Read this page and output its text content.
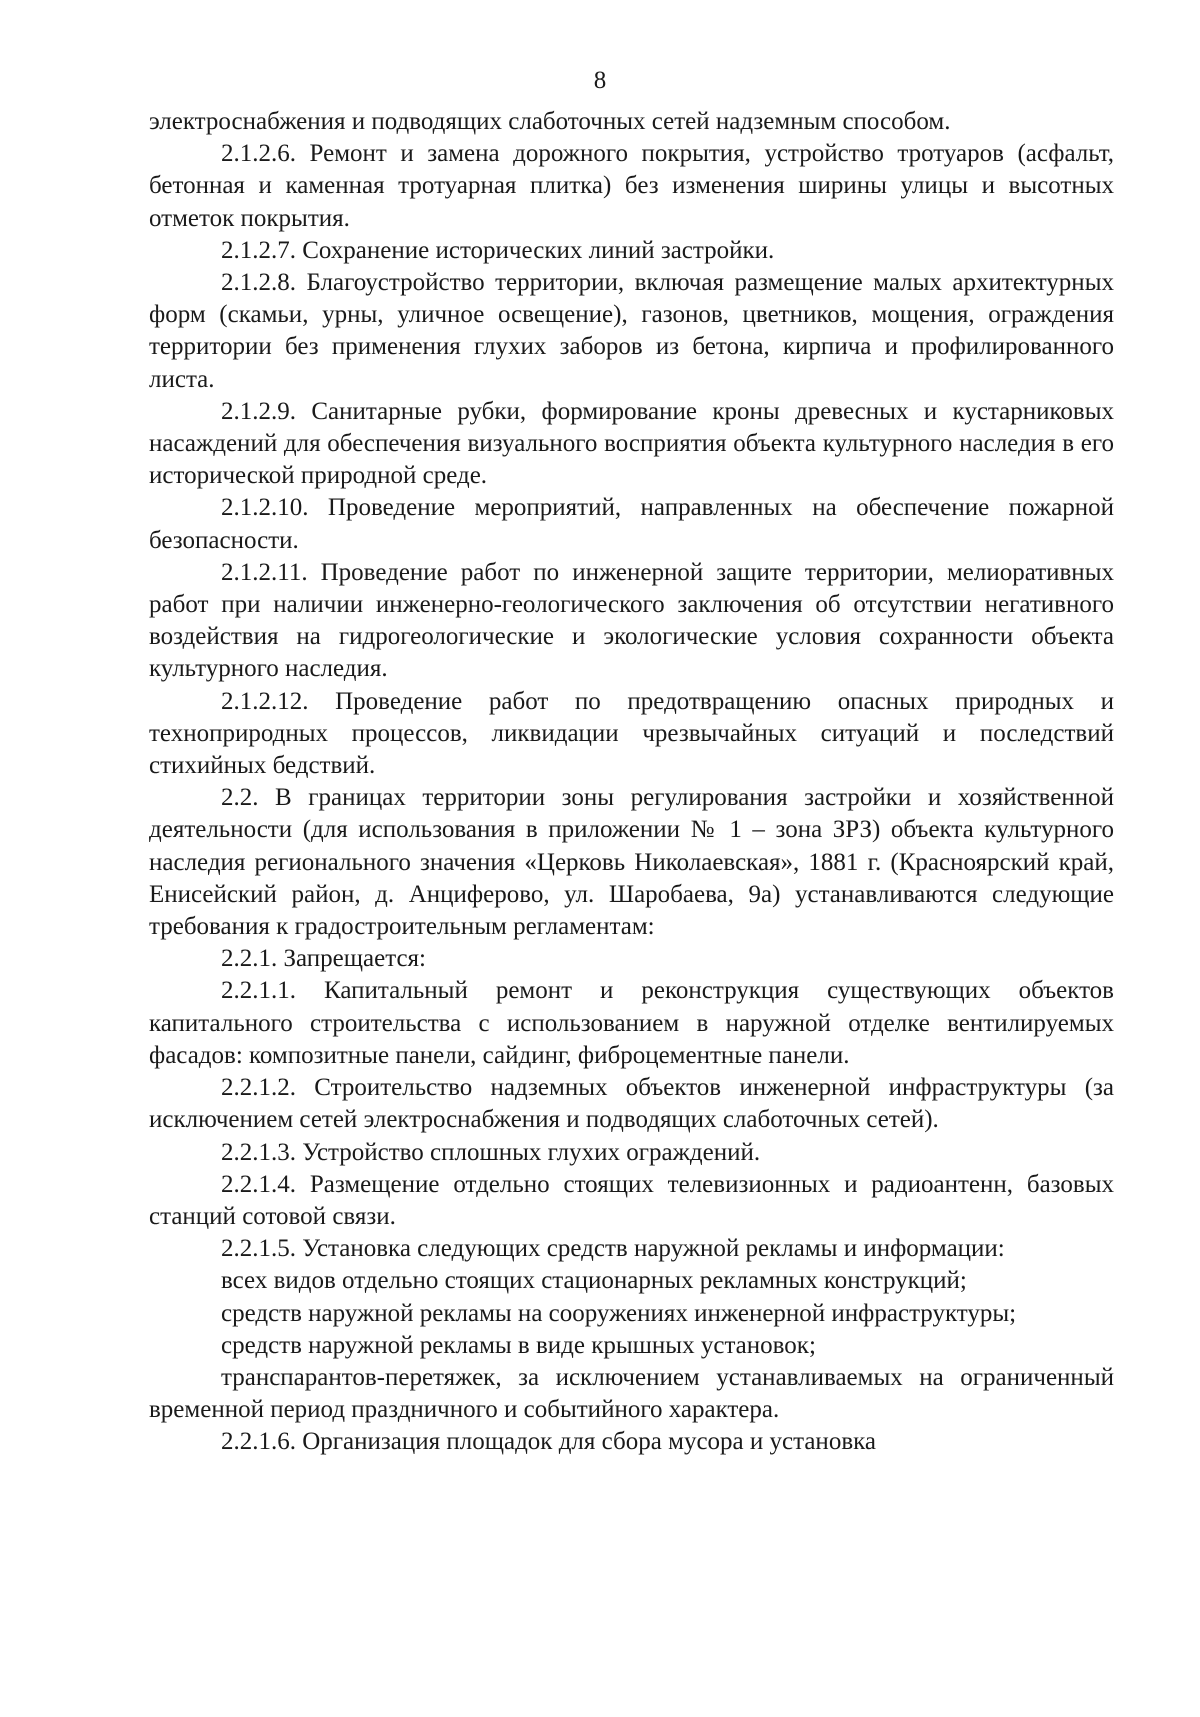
8

электроснабжения и подводящих слаботочных сетей надземным способом.

2.1.2.6. Ремонт и замена дорожного покрытия, устройство тротуаров (асфальт, бетонная и каменная тротуарная плитка) без изменения ширины улицы и высотных отметок покрытия.

2.1.2.7. Сохранение исторических линий застройки.

2.1.2.8. Благоустройство территории, включая размещение малых архитектурных форм (скамьи, урны, уличное освещение), газонов, цветников, мощения, ограждения территории без применения глухих заборов из бетона, кирпича и профилированного листа.

2.1.2.9. Санитарные рубки, формирование кроны древесных и кустарниковых насаждений для обеспечения визуального восприятия объекта культурного наследия в его исторической природной среде.

2.1.2.10. Проведение мероприятий, направленных на обеспечение пожарной безопасности.

2.1.2.11. Проведение работ по инженерной защите территории, мелиоративных работ при наличии инженерно-геологического заключения об отсутствии негативного воздействия на гидрогеологические и экологические условия сохранности объекта культурного наследия.

2.1.2.12. Проведение работ по предотвращению опасных природных и технoприродных процессов, ликвидации чрезвычайных ситуаций и последствий стихийных бедствий.

2.2. В границах территории зоны регулирования застройки и хозяйственной деятельности (для использования в приложении № 1 – зона ЗРЗ) объекта культурного наследия регионального значения «Церковь Николаевская», 1881 г. (Красноярский край, Енисейский район, д. Анциферово, ул. Шаробаева, 9а) устанавливаются следующие требования к градостроительным регламентам:

2.2.1. Запрещается:

2.2.1.1. Капитальный ремонт и реконструкция существующих объектов капитального строительства с использованием в наружной отделке вентилируемых фасадов: композитные панели, сайдинг, фиброцементные панели.

2.2.1.2. Строительство надземных объектов инженерной инфраструктуры (за исключением сетей электроснабжения и подводящих слаботочных сетей).

2.2.1.3. Устройство сплошных глухих ограждений.

2.2.1.4. Размещение отдельно стоящих телевизионных и радиоантенн, базовых станций сотовой связи.

2.2.1.5. Установка следующих средств наружной рекламы и информации:

всех видов отдельно стоящих стационарных рекламных конструкций;

средств наружной рекламы на сооружениях инженерной инфраструктуры;

средств наружной рекламы в виде крышных установок;

транспарантов-перетяжек, за исключением устанавливаемых на ограниченный временной период праздничного и событийного характера.

2.2.1.6. Организация площадок для сбора мусора и установка
